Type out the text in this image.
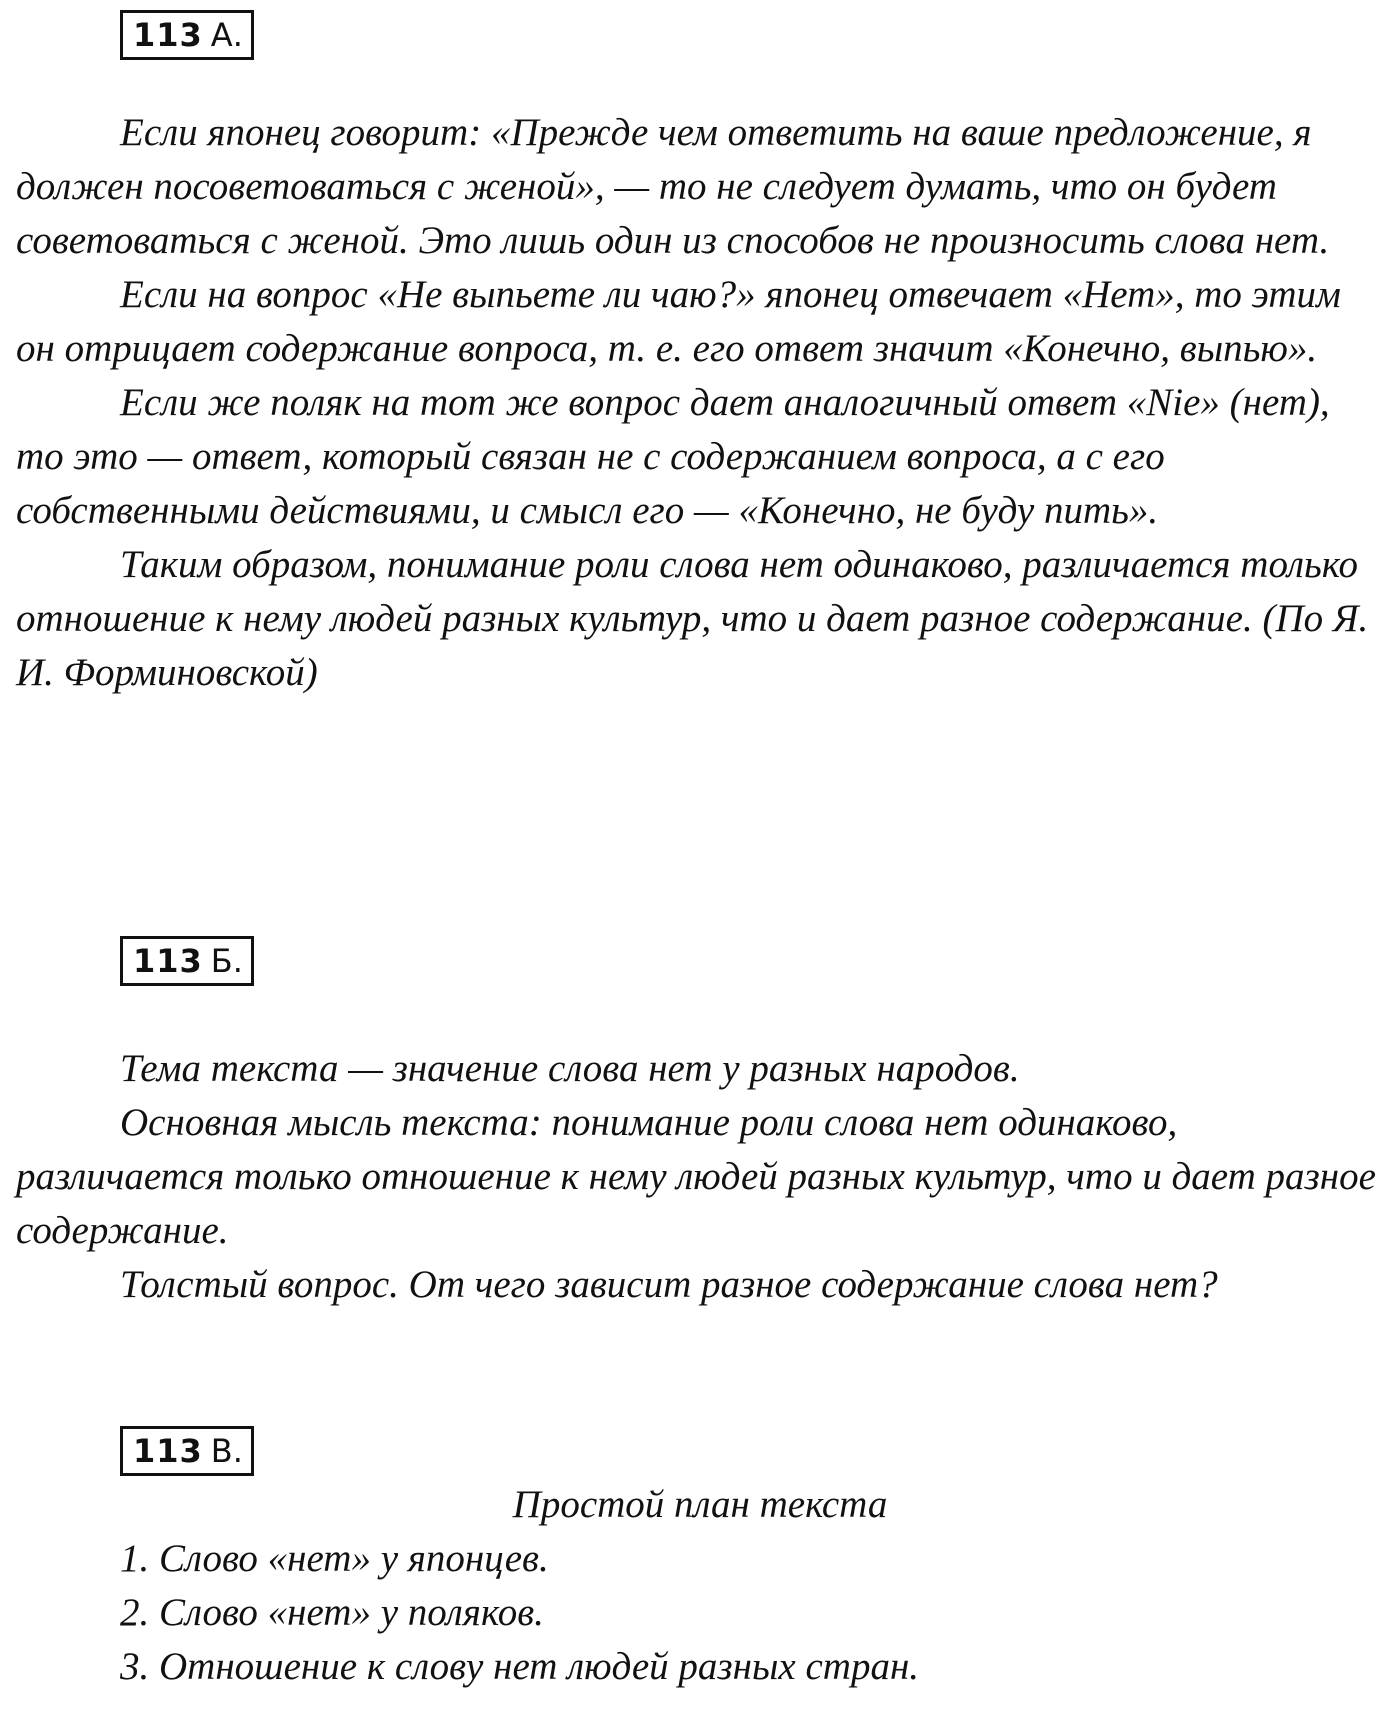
113 А.

Если японец говорит: «Прежде чем ответить на ваше предложение, я должен посоветоваться с женой», — то не следует думать, что он будет советоваться с женой. Это лишь один из способов не произносить слова нет.

Если на вопрос «Не выпьете ли чаю?» японец отвечает «Нет», то этим он отрицает содержание вопроса, т. е. его ответ значит «Конечно, выпью».

Если же поляк на тот же вопрос дает аналогичный ответ «Nie» (нет), то это — ответ, который связан не с содержанием вопроса, а с его собственными действиями, и смысл его — «Конечно, не буду пить».

Таким образом, понимание роли слова нет одинаково, различается только отношение к нему людей разных культур, что и дает разное содержание. (По Я. И. Форминовской)

113 Б.

Тема текста — значение слова нет у разных народов.

Основная мысль текста: понимание роли слова нет одинаково, различается только отношение к нему людей разных культур, что и дает разное содержание.

Толстый вопрос. От чего зависит разное содержание слова нет?

113 В.
Простой план текста
1. Слово «нет» у японцев.
2. Слово «нет» у поляков.
3. Отношение к слову нет людей разных стран.
